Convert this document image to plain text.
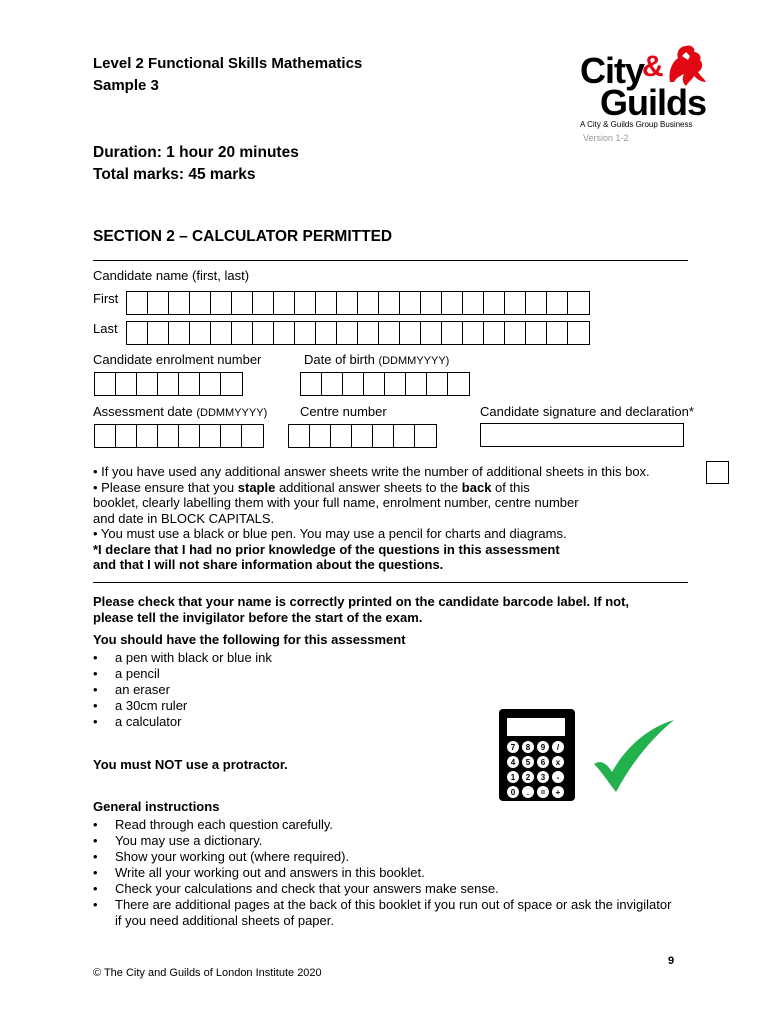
Level 2 Functional Skills Mathematics
Sample 3	City
&
Guilds
A City & Guilds Group Business
Version 1-2
Duration: 1 hour 20 minutes
Total marks: 45 marks
SECTION 2 – CALCULATOR PERMITTED
Candidate name (first, last)
First
Last
Candidate enrolment number	Date of birth (DDMMYYYY)
Assessment date (DDMMYYYY)	Centre number	Candidate signature and declaration*
• If you have used any additional answer sheets write the number of additional sheets in this box.
• Please ensure that you staple additional answer sheets to the back of this
booklet, clearly labelling them with your full name, enrolment number, centre number
and date in BLOCK CAPITALS.
• You must use a black or blue pen. You may use a pencil for charts and diagrams.
*I declare that I had no prior knowledge of the questions in this assessment
and that I will not share information about the questions.
Please check that your name is correctly printed on the candidate barcode label. If not, please tell the invigilator before the start of the exam.
You should have the following for this assessment
• a pen with black or blue ink
• a pencil
• an eraser
• a 30cm ruler
• a calculator
7	8	9	/
4	5	6	x
1	2	3	-
0	.	=	+
You must NOT use a protractor.
General instructions
• Read through each question carefully.
• You may use a dictionary.
• Show your working out (where required).
• Write all your working out and answers in this booklet.
• Check your calculations and check that your answers make sense.
• There are additional pages at the back of this booklet if you run out of space or ask the invigilator if you need additional sheets of paper.
9
© The City and Guilds of London Institute 2020
